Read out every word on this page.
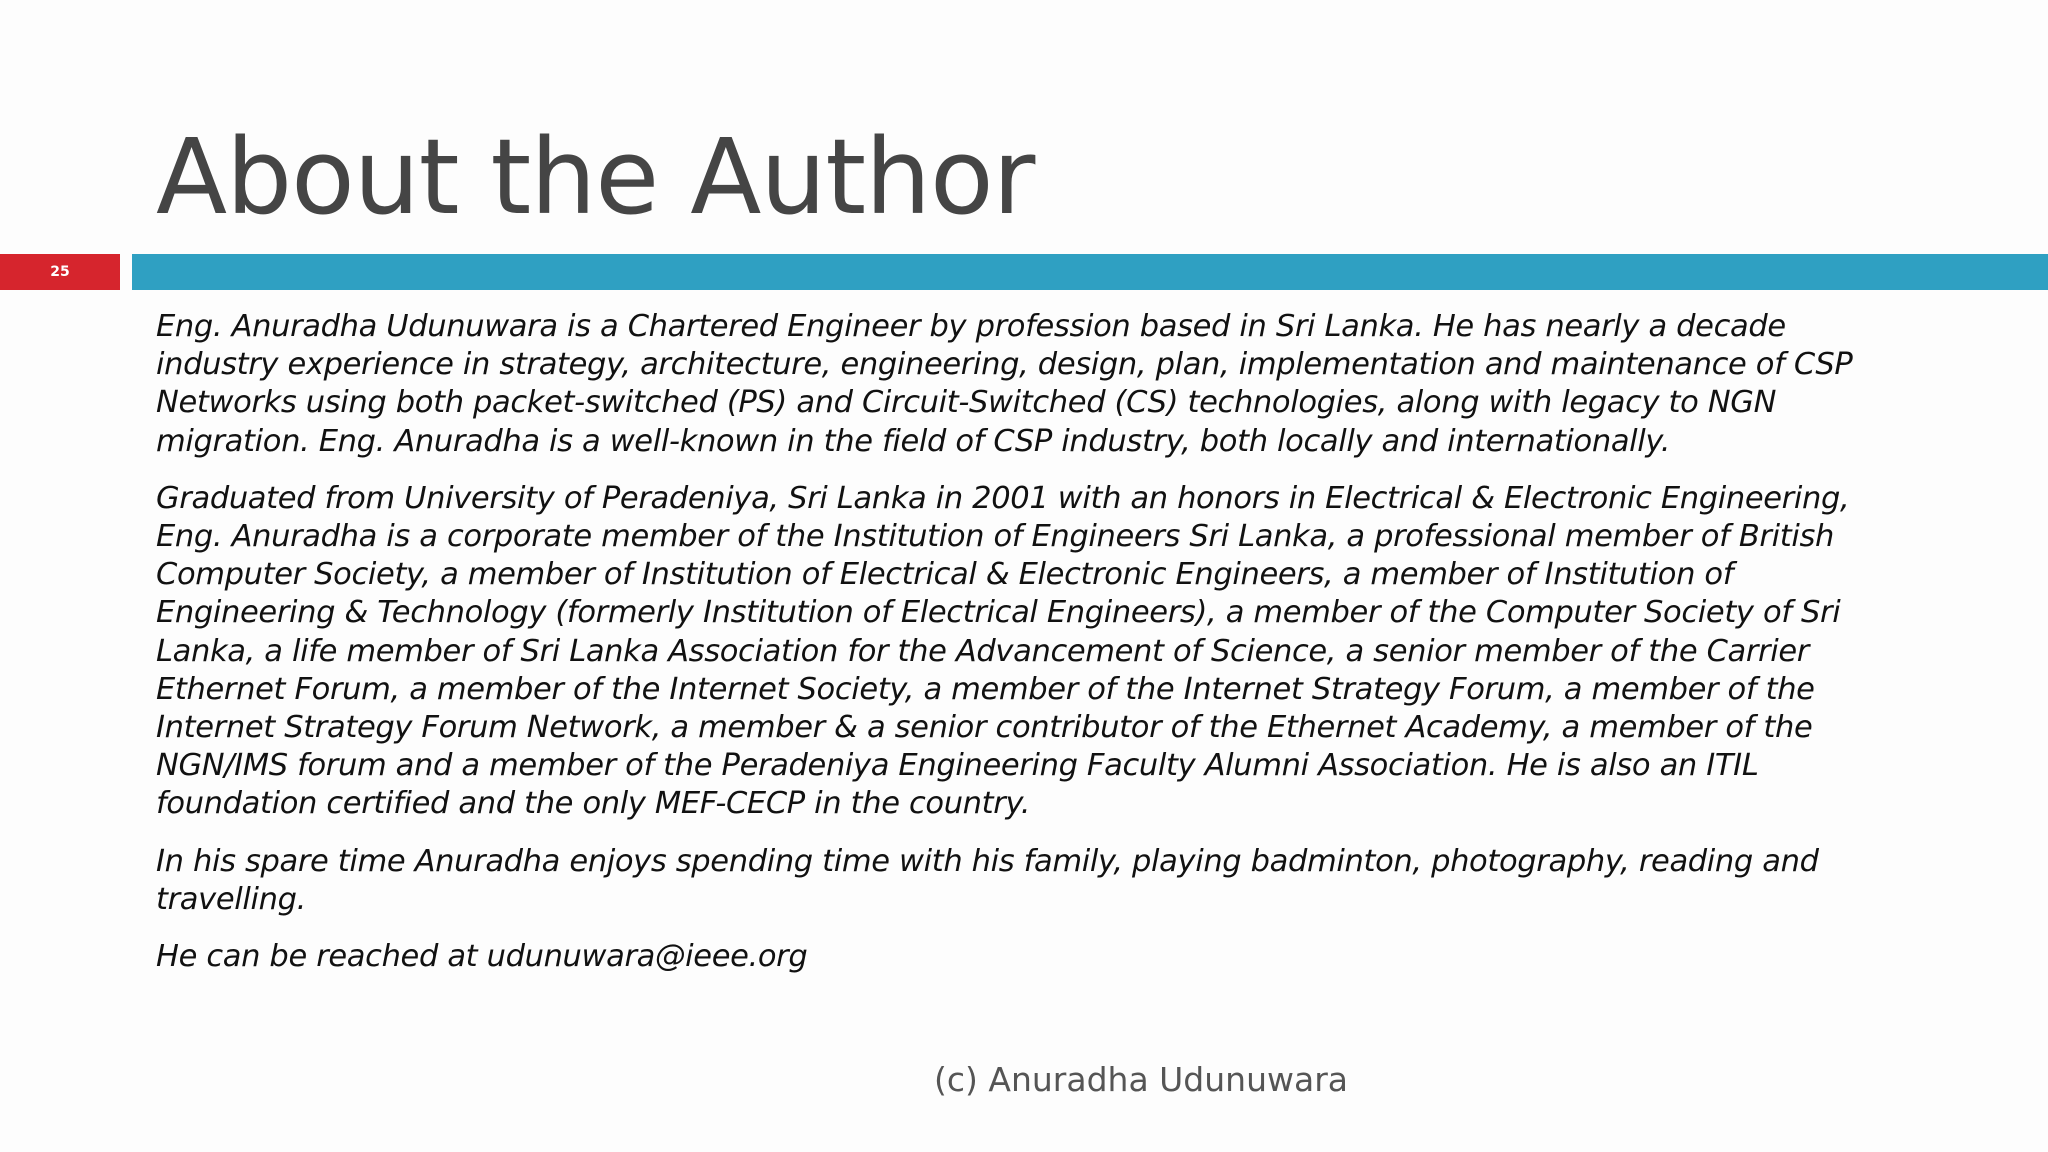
About the Author
25

Eng. Anuradha Udunuwara is a Chartered Engineer by profession based in Sri Lanka. He has nearly a decade industry experience in strategy, architecture, engineering, design, plan, implementation and maintenance of CSP Networks using both packet-switched (PS) and Circuit-Switched (CS) technologies, along with legacy to NGN migration. Eng. Anuradha is a well-known in the field of CSP industry, both locally and internationally.

Graduated from University of Peradeniya, Sri Lanka in 2001 with an honors in Electrical & Electronic Engineering, Eng. Anuradha is a corporate member of the Institution of Engineers Sri Lanka, a professional member of British Computer Society, a member of Institution of Electrical & Electronic Engineers, a member of Institution of Engineering & Technology (formerly Institution of Electrical Engineers), a member of the Computer Society of Sri Lanka, a life member of Sri Lanka Association for the Advancement of Science, a senior member of the Carrier Ethernet Forum, a member of the Internet Society, a member of the Internet Strategy Forum, a member of the Internet Strategy Forum Network, a member & a senior contributor of the Ethernet Academy, a member of the NGN/IMS forum and a member of the Peradeniya Engineering Faculty Alumni Association. He is also an ITIL foundation certified and the only MEF-CECP in the country.

In his spare time Anuradha enjoys spending time with his family, playing badminton, photography, reading and travelling.

He can be reached at udunuwara@ieee.org

(c) Anuradha Udunuwara
